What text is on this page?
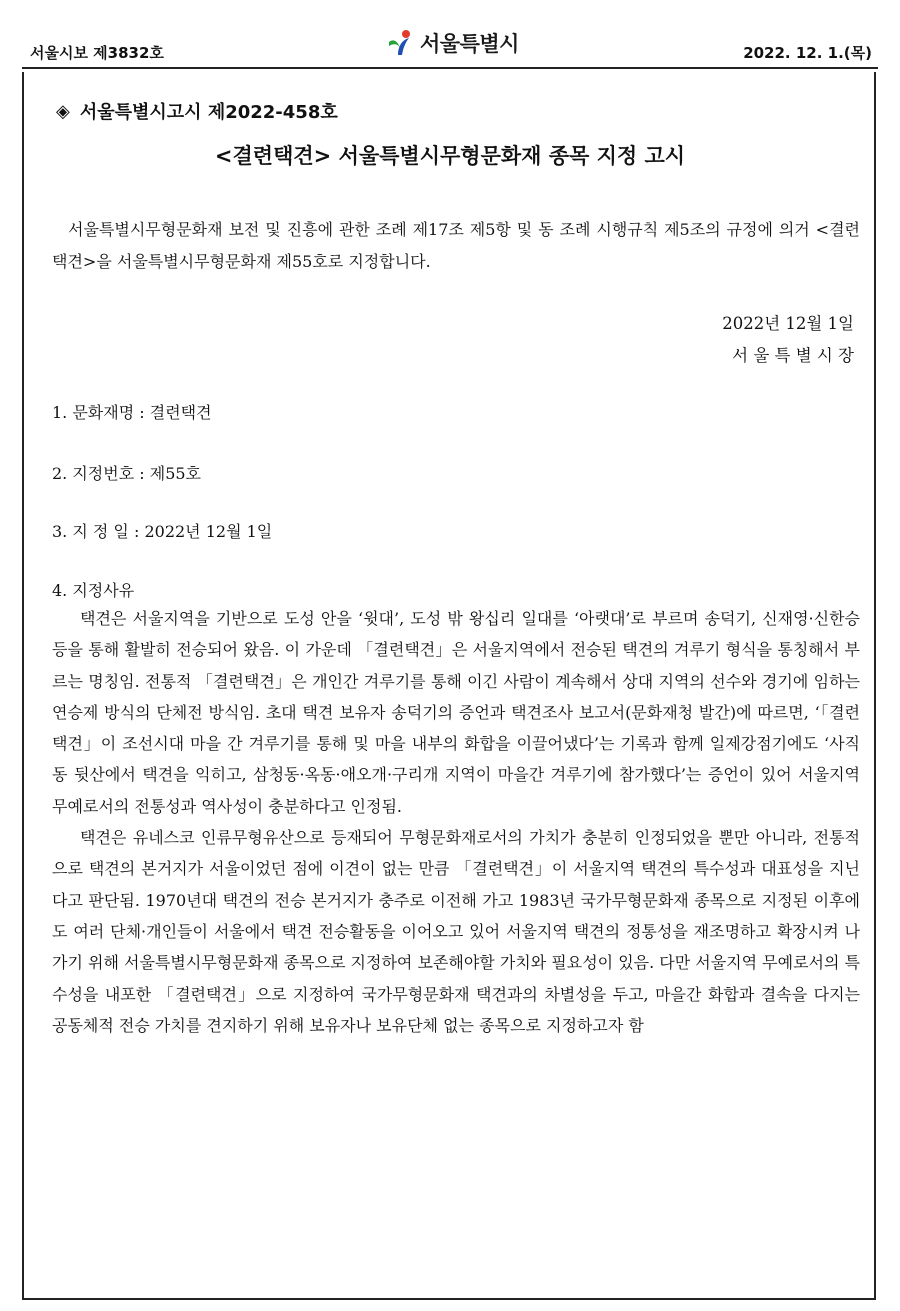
서울시보 제3832호	서울특별시	2022. 12. 1.(목)
◈ 서울특별시고시 제2022-458호
<결련택견> 서울특별시무형문화재 종목 지정 고시
서울특별시무형문화재 보전 및 진흥에 관한 조례 제17조 제5항 및 동 조례 시행규칙 제5조의 규정에 의거 <결련택견>을 서울특별시무형문화재 제55호로 지정합니다.
2022년 12월 1일
서 울 특 별 시 장
1. 문화재명 : 결련택견
2. 지정번호 : 제55호
3. 지 정 일 : 2022년 12월 1일
4. 지정사유
택견은 서울지역을 기반으로 도성 안을 ‘윗대’, 도성 밖 왕십리 일대를 ‘아랫대’로 부르며 송덕기, 신재영·신한승 등을 통해 활발히 전승되어 왔음. 이 가운데 「결련택견」은 서울지역에서 전승된 택견의 겨루기 형식을 통칭해서 부르는 명칭임. 전통적 「결련택견」은 개인간 겨루기를 통해 이긴 사람이 계속해서 상대 지역의 선수와 경기에 임하는 연승제 방식의 단체전 방식임. 초대 택견 보유자 송덕기의 증언과 택견조사 보고서(문화재청 발간)에 따르면, ‘「결련택견」이 조선시대 마을 간 겨루기를 통해 및 마을 내부의 화합을 이끌어냈다’는 기록과 함께 일제강점기에도 ‘사직동 뒷산에서 택견을 익히고, 삼청동·옥동·애오개·구리개 지역이 마을간 겨루기에 참가했다’는 증언이 있어 서울지역 무예로서의 전통성과 역사성이 충분하다고 인정됨.
택견은 유네스코 인류무형유산으로 등재되어 무형문화재로서의 가치가 충분히 인정되었을 뿐만 아니라, 전통적으로 택견의 본거지가 서울이었던 점에 이견이 없는 만큼 「결련택견」이 서울지역 택견의 특수성과 대표성을 지닌다고 판단됨. 1970년대 택견의 전승 본거지가 충주로 이전해 가고 1983년 국가무형문화재 종목으로 지정된 이후에도 여러 단체·개인들이 서울에서 택견 전승활동을 이어오고 있어 서울지역 택견의 정통성을 재조명하고 확장시켜 나가기 위해 서울특별시무형문화재 종목으로 지정하여 보존해야할 가치와 필요성이 있음. 다만 서울지역 무예로서의 특수성을 내포한 「결련택견」으로 지정하여 국가무형문화재 택견과의 차별성을 두고, 마을간 화합과 결속을 다지는 공동체적 전승 가치를 견지하기 위해 보유자나 보유단체 없는 종목으로 지정하고자 함
